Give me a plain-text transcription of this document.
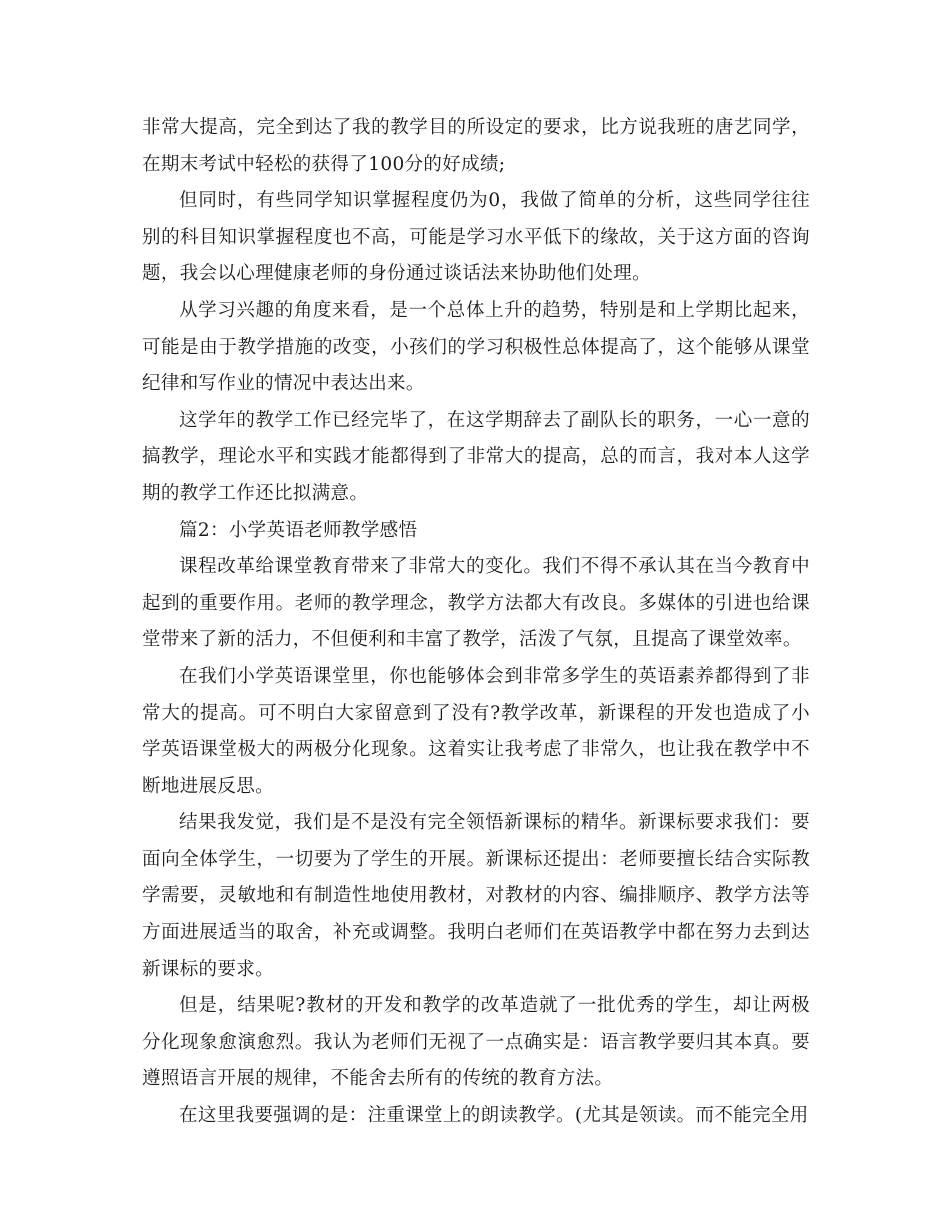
非常大提高，完全到达了我的教学目的所设定的要求，比方说我班的唐艺同学，在期末考试中轻松的获得了100分的好成绩;

但同时，有些同学知识掌握程度仍为0，我做了简单的分析，这些同学往往别的科目知识掌握程度也不高，可能是学习水平低下的缘故，关于这方面的咨询题，我会以心理健康老师的身份通过谈话法来协助他们处理。

从学习兴趣的角度来看，是一个总体上升的趋势，特别是和上学期比起来，可能是由于教学措施的改变，小孩们的学习积极性总体提高了，这个能够从课堂纪律和写作业的情况中表达出来。

这学年的教学工作已经完毕了，在这学期辞去了副队长的职务，一心一意的搞教学，理论水平和实践才能都得到了非常大的提高，总的而言，我对本人这学期的教学工作还比拟满意。

篇2：小学英语老师教学感悟

课程改革给课堂教育带来了非常大的变化。我们不得不承认其在当今教育中起到的重要作用。老师的教学理念，教学方法都大有改良。多媒体的引进也给课堂带来了新的活力，不但便利和丰富了教学，活泼了气氛，且提高了课堂效率。

在我们小学英语课堂里，你也能够体会到非常多学生的英语素养都得到了非常大的提高。可不明白大家留意到了没有?教学改革，新课程的开发也造成了小学英语课堂极大的两极分化现象。这着实让我考虑了非常久，也让我在教学中不断地进展反思。

结果我发觉，我们是不是没有完全领悟新课标的精华。新课标要求我们：要面向全体学生，一切要为了学生的开展。新课标还提出：老师要擅长结合实际教学需要，灵敏地和有制造性地使用教材，对教材的内容、编排顺序、教学方法等方面进展适当的取舍，补充或调整。我明白老师们在英语教学中都在努力去到达新课标的要求。

但是，结果呢?教材的开发和教学的改革造就了一批优秀的学生，却让两极分化现象愈演愈烈。我认为老师们无视了一点确实是：语言教学要归其本真。要遵照语言开展的规律，不能舍去所有的传统的教育方法。

在这里我要强调的是：注重课堂上的朗读教学。(尤其是领读。而不能完全用
